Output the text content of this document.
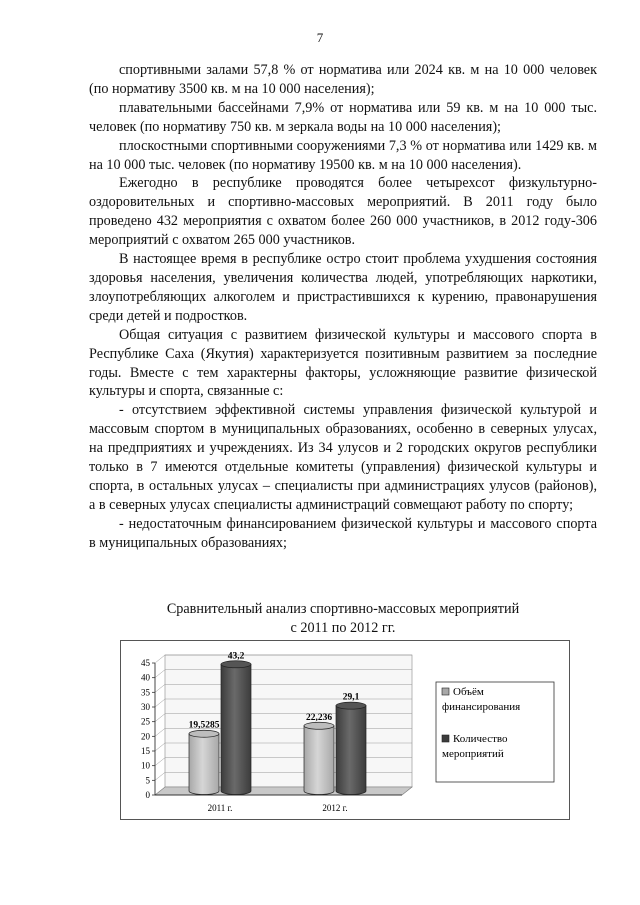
7

спортивными залами 57,8 % от норматива или 2024 кв. м на 10 000 человек (по нормативу 3500 кв. м на 10 000 населения);

плавательными бассейнами 7,9% от норматива или 59 кв. м на 10 000 тыс. человек (по нормативу 750 кв. м зеркала воды на 10 000 населения);

плоскостными спортивными сооружениями 7,3 % от норматива или 1429 кв. м на 10 000 тыс. человек (по нормативу 19500 кв. м на 10 000 населения).

Ежегодно в республике проводятся более четырехсот физкультурно-оздоровительных и спортивно-массовых мероприятий. В 2011 году было проведено 432 мероприятия с охватом более 260 000 участников, в 2012 году-306 мероприятий с охватом 265 000 участников.

В настоящее время в республике остро стоит проблема ухудшения состояния здоровья населения, увеличения количества людей, употребляющих наркотики, злоупотребляющих алкоголем и пристрастившихся к курению, правонарушения среди детей и подростков.

Общая ситуация с развитием физической культуры и массового спорта в Республике Саха (Якутия) характеризуется позитивным развитием за последние годы. Вместе с тем характерны факторы, усложняющие развитие физической культуры и спорта, связанные с:

- отсутствием эффективной системы управления физической культурой и массовым спортом в муниципальных образованиях, особенно в северных улусах, на предприятиях и учреждениях. Из 34 улусов и 2 городских округов республики только в 7 имеются отдельные комитеты (управления) физической культуры и спорта, в остальных улусах – специалисты при администрациях улусов (районов), а в северных улусах специалисты администраций совмещают работу по спорту;

- недостаточным финансированием физической культуры и массового спорта в муниципальных образованиях;

Сравнительный анализ спортивно-массовых мероприятий
с 2011 по 2012 гг.
0
5
10
15
20
25
30
35
40
45
19,5285
43,2
2011 г.
22,236
29,1
2012 г.
Объём
финансирования
Количество
мероприятий
